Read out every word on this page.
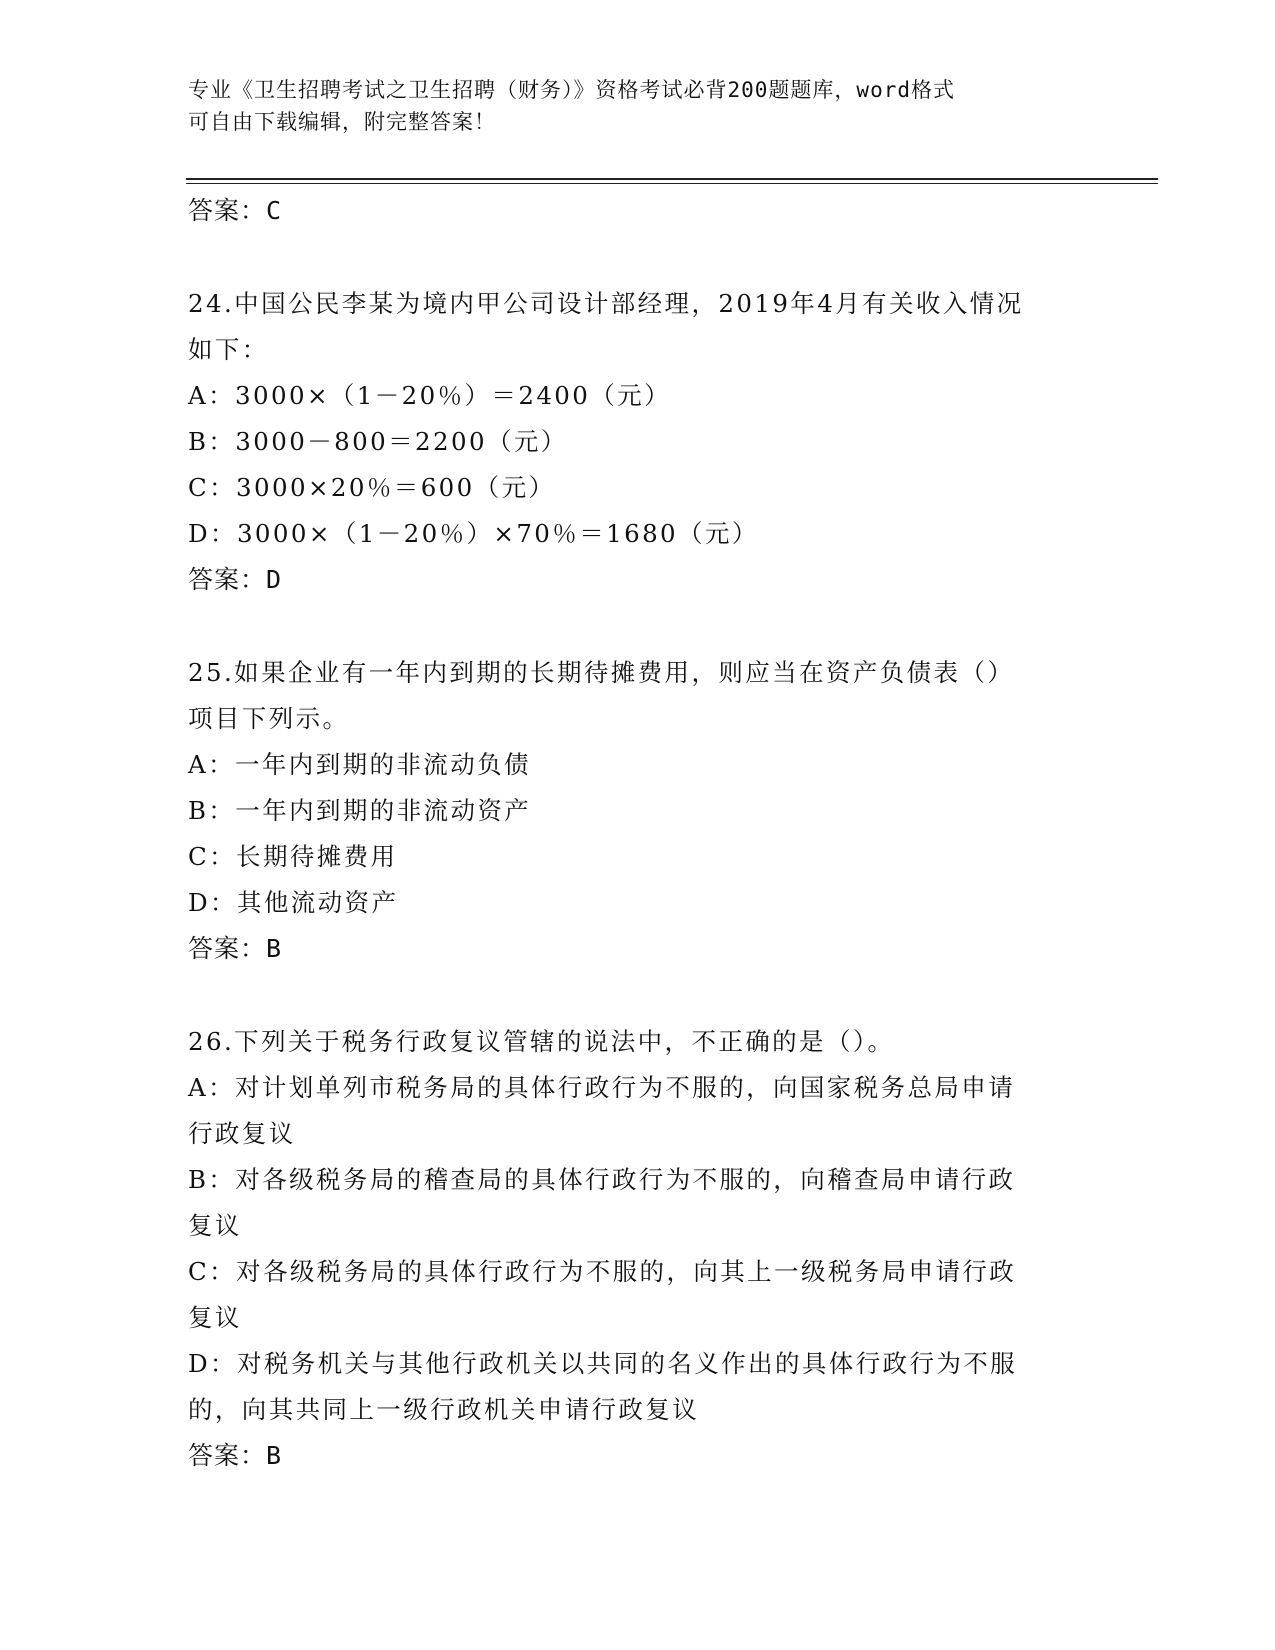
专业《卫生招聘考试之卫生招聘（财务）》资格考试必背200题题库，word格式
可自由下载编辑，附完整答案！
答案：C
24.中国公民李某为境内甲公司设计部经理，2019年4月有关收入情况
如下：
A：3000×（1－20％）＝2400（元）
B：3000－800＝2200（元）
C：3000×20％＝600（元）
D：3000×（1－20％）×70％＝1680（元）
答案：D
25.如果企业有一年内到期的长期待摊费用，则应当在资产负债表（）
项目下列示。
A：一年内到期的非流动负债
B：一年内到期的非流动资产
C：长期待摊费用
D：其他流动资产
答案：B
26.下列关于税务行政复议管辖的说法中，不正确的是（）。
A：对计划单列市税务局的具体行政行为不服的，向国家税务总局申请
行政复议
B：对各级税务局的稽查局的具体行政行为不服的，向稽查局申请行政
复议
C：对各级税务局的具体行政行为不服的，向其上一级税务局申请行政
复议
D：对税务机关与其他行政机关以共同的名义作出的具体行政行为不服
的，向其共同上一级行政机关申请行政复议
答案：B
